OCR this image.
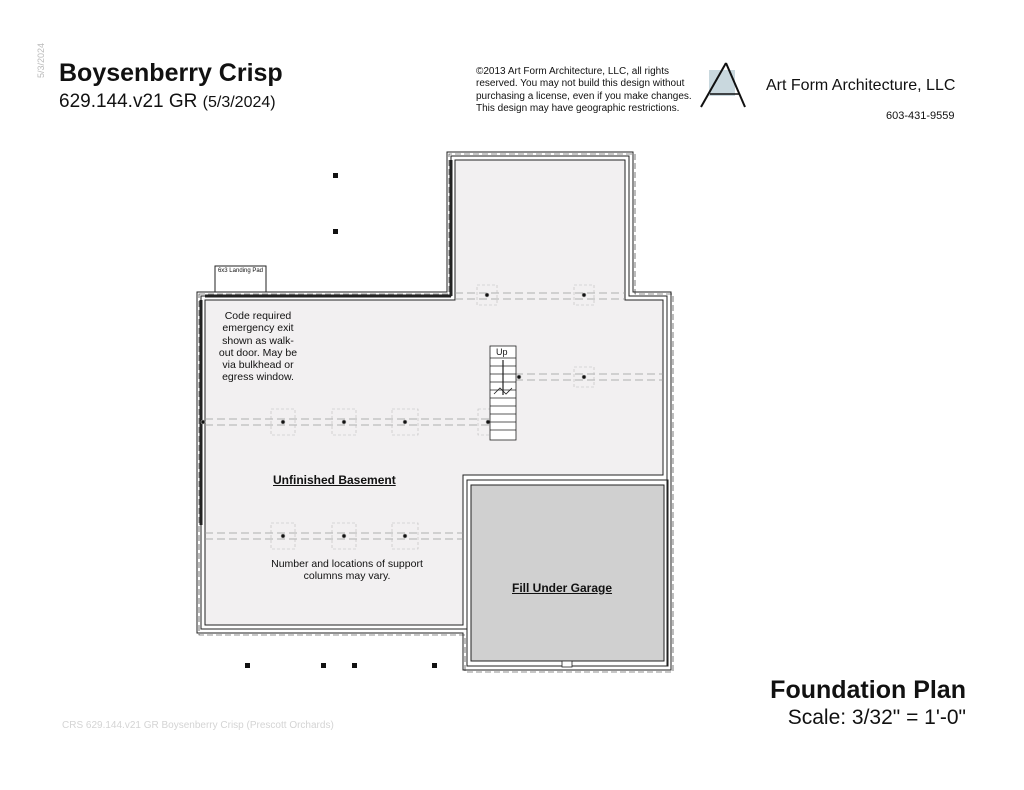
5/3/2024 Boysenberry Crisp
629.144.v21 GR (5/3/2024)
©2013 Art Form Architecture, LLC, all rights
reserved. You may not build this design without
purchasing a license, even if you make changes.
This design may have geographic restrictions.
Art Form Architecture, LLC
603-431-9559
6x3 Landing Pad
Code required emergency exit shown as walk-out door. May be via bulkhead or egress window.
Up
Unfinished Basement
Number and locations of support columns may vary.
Fill Under Garage
Foundation Plan
Scale: 3/32" = 1'-0"
CRS 629.144.v21 GR Boysenberry Crisp (Prescott Orchards)
